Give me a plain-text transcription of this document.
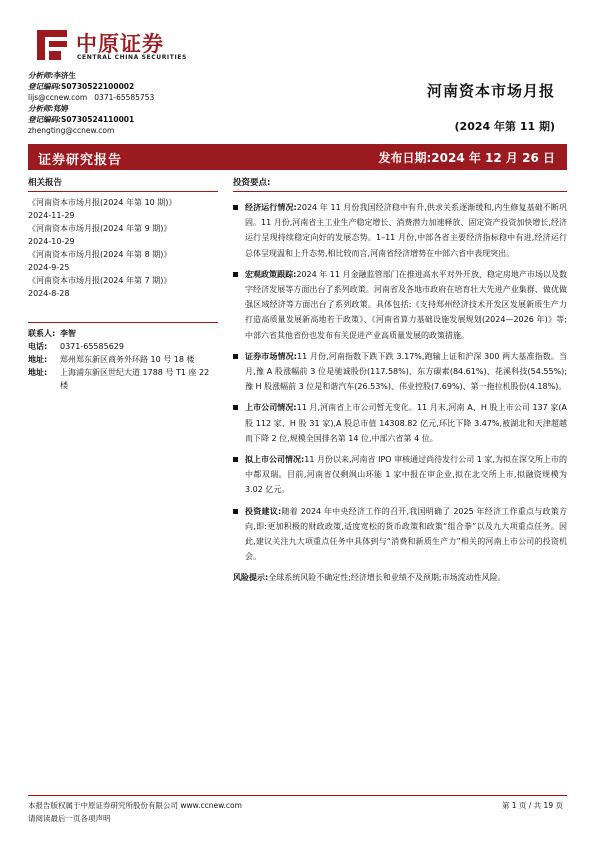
中原证券
CENTRAL CHINA SECURITIES
分析师:李济生
登记编码:S0730522100002
lijs@ccnew.com 0371-65585753
分析师:郑婷
登记编码:S0730524110001
zhengting@ccnew.com
河南资本市场月报
(2024 年第 11 期)
证券研究报告	发布日期:2024 年 12 月 26 日
相关报告
《河南资本市场月报(2024 年第 10 期)》
2024-11-29
《河南资本市场月报(2024 年第 9 期)》
2024-10-29
《河南资本市场月报(2024 年第 8 期)》
2024-9-25
《河南资本市场月报(2024 年第 7 期)》
2024-8-28
联系人: 李智
电话: 0371-65585629
地址: 郑州郑东新区商务外环路 10 号 18 楼
地址: 上海浦东新区世纪大道 1788 号 T1 座 22 楼
投资要点:
经济运行情况:2024 年 11 月份我国经济稳中有升,供求关系逐渐缓和,内生修复基础不断巩固。11 月份,河南省主工业生产稳定增长、消费潜力加速释放、固定资产投资加快增长,经济运行呈现持续稳定向好的发展态势。1–11 月份,中部各省主要经济指标稳中有进,经济运行总体呈现温和上升态势,相比较而言,河南省经济增势在中部六省中表现突出。
宏观政策跟踪:2024 年 11 月金融监管部门在推进高水平对外开放、稳定房地产市场以及数字经济发展等方面出台了系列政策。河南省及各地市政府在培育壮大先进产业集群、做优做强区域经济等方面出台了系列政策。具体包括:《支持郑州经济技术开发区发展新质生产力打造高质量发展新高地若干政策》、《河南省算力基础设施发展规划(2024—2026 年)》等;中部六省其他省份也发布有关促进产业高质量发展的政策措施。
证券市场情况:11 月份,河南指数下跌下跌 3.17%,跑输上证和沪深 300 两大基准指数。当月,豫 A 股涨幅前 3 位是驰诚股份(117.58%)、东方碳素(84.61%)、花溪科技(54.55%);豫 H 股涨幅前 3 位是和谐汽车(26.53%)、伟业控股(7.69%)、第一拖拉机股份(4.18%)。
上市公司情况:11 月,河南省上市公司暂无变化。11 月末,河南 A、H 股上市公司 137 家(A 股 112 家、H 股 31 家),A 股总市值 14308.82 亿元,环比下降 3.47%,被湖北和天津超越而下降 2 位,规模全国排名第 14 位,中部六省第 4 位。
拟上市公司情况:11 月份以来,河南省 IPO 审核通过尚待发行公司 1 家,为拟在深交所上市的中都双瑞。目前,河南省仅剩飒山环能 1 家中报在审企业,拟在北交所上市,拟融资规模为 3.02 亿元。
投资建议:随着 2024 年中央经济工作的召开,我国明确了 2025 年经济工作重点与政策方向,即:更加积极的财政政策,适度宽松的货币政策和政策“组合拳”以及九大项重点任务。因此,建议关注九大项重点任务中具体到与“消费和新质生产力”相关的河南上市公司的投资机会。
风险提示:全球系统风险不确定性;经济增长和业绩不及预期;市场流动性风险。
本报告版权属于中原证券研究所股份有限公司 www.ccnew.com
请阅读最后一页各项声明
第 1 页 / 共 19 页
